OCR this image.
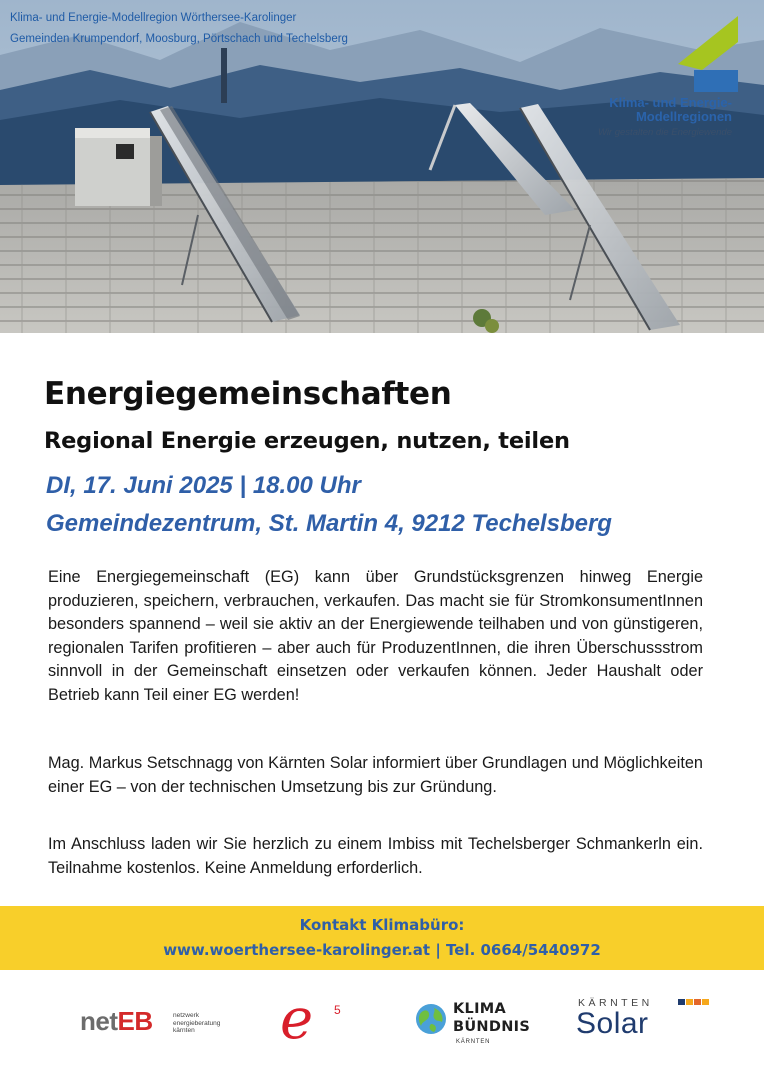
Klima- und Energie-Modellregion Wörthersee-Karolinger
Gemeinden Krumpendorf, Moosburg, Pörtschach und Techelsberg
Klima- und Energie-
Modellregionen
Wir gestalten die Energiewende
Energiegemeinschaften
Regional Energie erzeugen, nutzen, teilen
DI, 17. Juni 2025 | 18.00 Uhr
Gemeindezentrum, St. Martin 4, 9212 Techelsberg

Eine Energiegemeinschaft (EG) kann über Grundstücksgrenzen hinweg Energie produzieren, speichern, verbrauchen, verkaufen. Das macht sie für StromkonsumentInnen besonders spannend – weil sie aktiv an der Energiewende teilhaben und von günstigeren, regionalen Tarifen profitieren – aber auch für ProduzentInnen, die ihren Überschussstrom sinnvoll in der Gemeinschaft einsetzen oder verkaufen können. Jeder Haushalt oder Betrieb kann Teil einer EG werden!

Mag. Markus Setschnagg von Kärnten Solar informiert über Grundlagen und Möglichkeiten einer EG – von der technischen Umsetzung bis zur Gründung.

Im Anschluss laden wir Sie herzlich zu einem Imbiss mit Techelsberger Schmankerln ein. Teilnahme kostenlos. Keine Anmeldung erforderlich.

Kontakt Klimabüro:
www.woerthersee-karolinger.at | Tel. 0664/5440972
netEB	netzwerk
energieberatung
kärnten	e 5	KLIMA
BÜNDNIS
KÄRNTEN
KÄRNTEN
Solar
